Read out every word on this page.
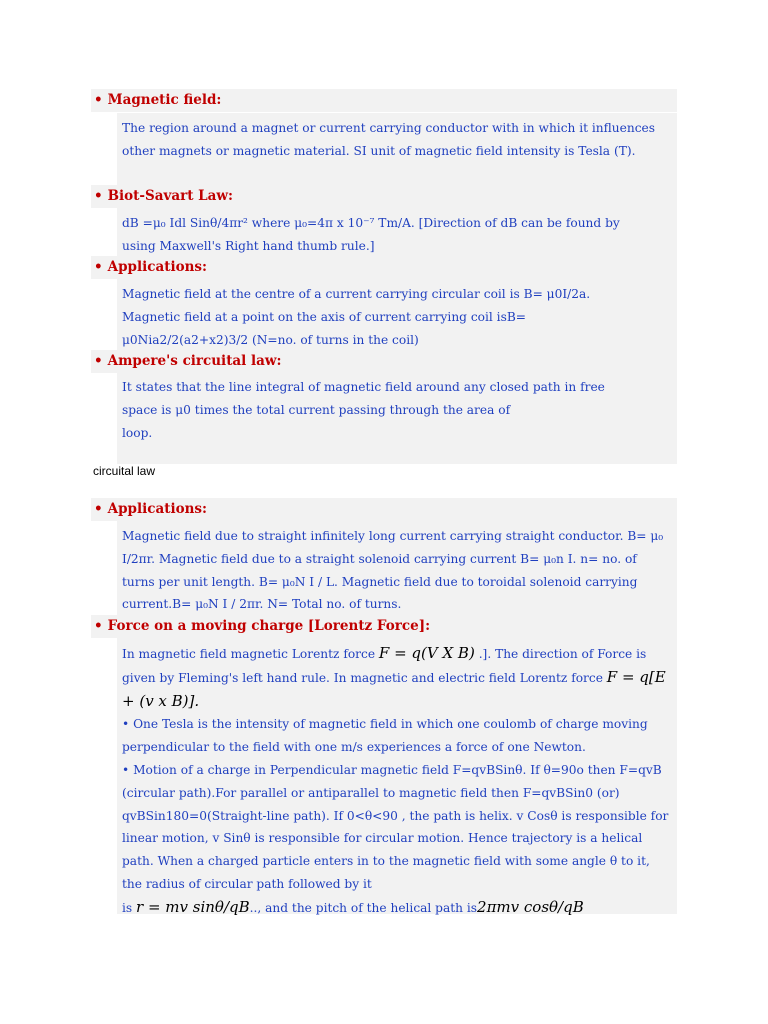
• Magnetic field:

The region around a magnet or current carrying conductor with in which it influences other magnets or magnetic material. SI unit of magnetic field intensity is Tesla (T).

• Biot-Savart Law:

dB =μ₀ Idl Sinθ/4πr² where μ₀=4π x 10⁻⁷ Tm/A. [Direction of dB can be found by

using Maxwell's Right hand thumb rule.]

• Applications:

Magnetic field at the centre of a current carrying circular coil is B= μ0I/2a.

Magnetic field at a point on the axis of current carrying coil isB=

μ0Nia2/2(a2+x2)3/2 (N=no. of turns in the coil)

• Ampere's circuital law:

It states that the line integral of magnetic field around any closed path in free

space is μ0 times the total current passing through the area of

loop.

circuital law
• Applications:

Magnetic field due to straight infinitely long current carrying straight conductor. B= μ₀ I/2πr. Magnetic field due to a straight solenoid carrying current B= μ₀n I. n= no. of turns per unit length. B= μ₀N I / L. Magnetic field due to toroidal solenoid carrying current.B= μ₀N I / 2πr. N= Total no. of turns.

• Force on a moving charge [Lorentz Force]:

In magnetic field magnetic Lorentz force F = q(V X B) .]. The direction of Force is given by Fleming's left hand rule. In magnetic and electric field Lorentz force F = q[E + (v x B)].

• One Tesla is the intensity of magnetic field in which one coulomb of charge moving perpendicular to the field with one m/s experiences a force of one Newton.

• Motion of a charge in Perpendicular magnetic field F=qvBSinθ. If θ=90o then F=qvB (circular path).For parallel or antiparallel to magnetic field then F=qvBSin0 (or) qvBSin180=0(Straight-line path). If 0<θ<90 , the path is helix. v Cosθ is responsible for linear motion, v Sinθ is responsible for circular motion. Hence trajectory is a helical path. When a charged particle enters in to the magnetic field with some angle θ to it, the radius of circular path followed by it

is r = mv sinθ/qB.., and the pitch of the helical path is2πmv cosθ/qB
